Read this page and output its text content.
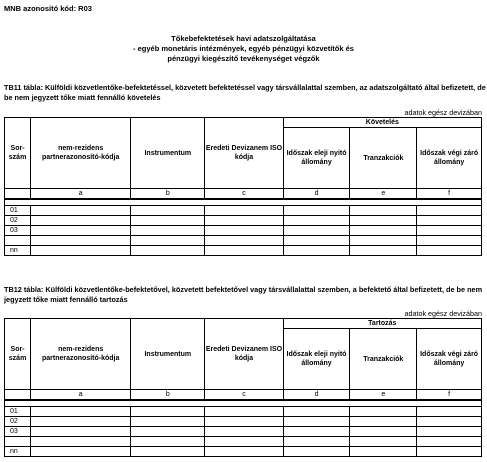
MNB azonosító kód: R03
Tőkebefektetések havi adatszolgáltatása
- egyéb monetáris intézmények, egyéb pénzügyi közvetítők és
pénzügyi kiegészítő tevékenységet végzők
TB11 tábla: Külföldi közvetlentőke-befektetéssel, közvetett befektetéssel vagy társvállalattal szemben, az adatszolgáltató által befizetett, de be nem jegyzett tőke miatt fennálló követelés
adatok egész devizában
Sor-
szám	nem-rezidens partnerazonosító-kódja	Instrumentum	Eredeti Devizanem ISO kódja	Követelés		
				Időszak eleji nyitó állomány	Tranzakciók	Időszak végi záró állomány
	a	b	c	d	e	f

01						
02						
03						

nn						
TB12 tábla: Külföldi közvetlentőke-befektetővel, közvetett befektetővel vagy társvállalattal szemben, a befektető által befizetett, de be nem jegyzett tőke miatt fennálló tartozás
adatok egész devizában
Sor-
szám	nem-rezidens partnerazonosító-kódja	Instrumentum	Eredeti Devizanem ISO kódja	Tartozás		
				Időszak eleji nyitó állomány	Tranzakciók	Időszak végi záró állomány
	a	b	c	d	e	f

01						
02						
03						

nn						
